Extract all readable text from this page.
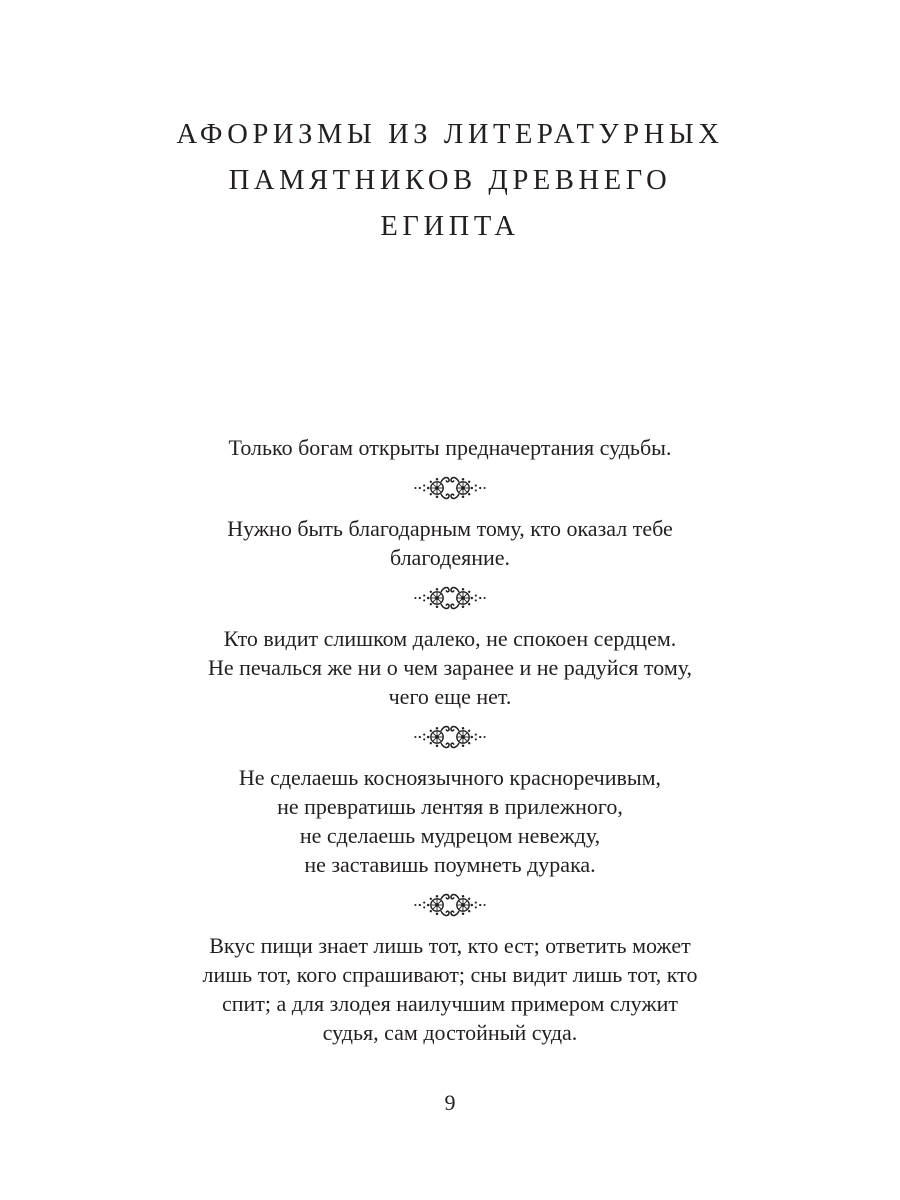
АФОРИЗМЫ ИЗ ЛИТЕРАТУРНЫХ
ПАМЯТНИКОВ ДРЕВНЕГО
ЕГИПТА
Только богам открыты предначертания судьбы.
Нужно быть благодарным тому, кто оказал тебе
благодеяние.
Кто видит слишком далеко, не спокоен сердцем.
Не печалься же ни о чем заранее и не радуйся тому,
чего еще нет.
Не сделаешь косноязычного красноречивым,
не превратишь лентяя в прилежного,
не сделаешь мудрецом невежду,
не заставишь поумнеть дурака.
Вкус пищи знает лишь тот, кто ест; ответить может
лишь тот, кого спрашивают; сны видит лишь тот, кто
спит; а для злодея наилучшим примером служит
судья, сам достойный суда.
9
